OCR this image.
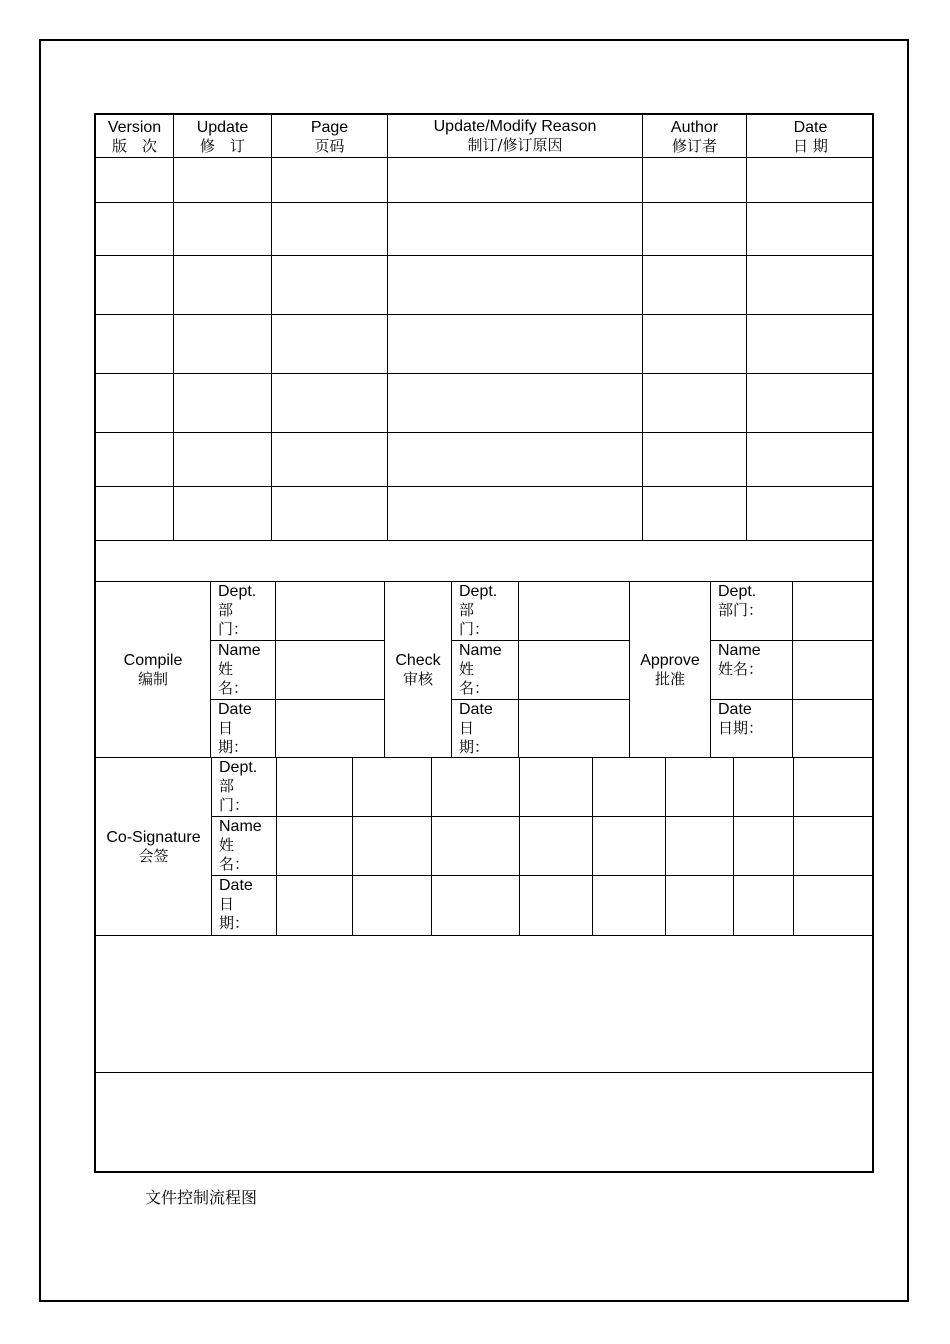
Version
版　次
Update
修　订
Page
页码
Update/Modify Reason
制订/修订原因
Author
修订者
Date
日 期
Compile
编制
Dept.
部门：
Name
姓名：
Date
日期：
Check
审核
Dept.
部门：
Name
姓名：
Date
日期：
Approve
批准
Dept.
部门：
Name
姓名：
Date
日期：
Co-Signature
会签
Dept.
部门：
Name
姓名：
Date
日期：
文件控制流程图
